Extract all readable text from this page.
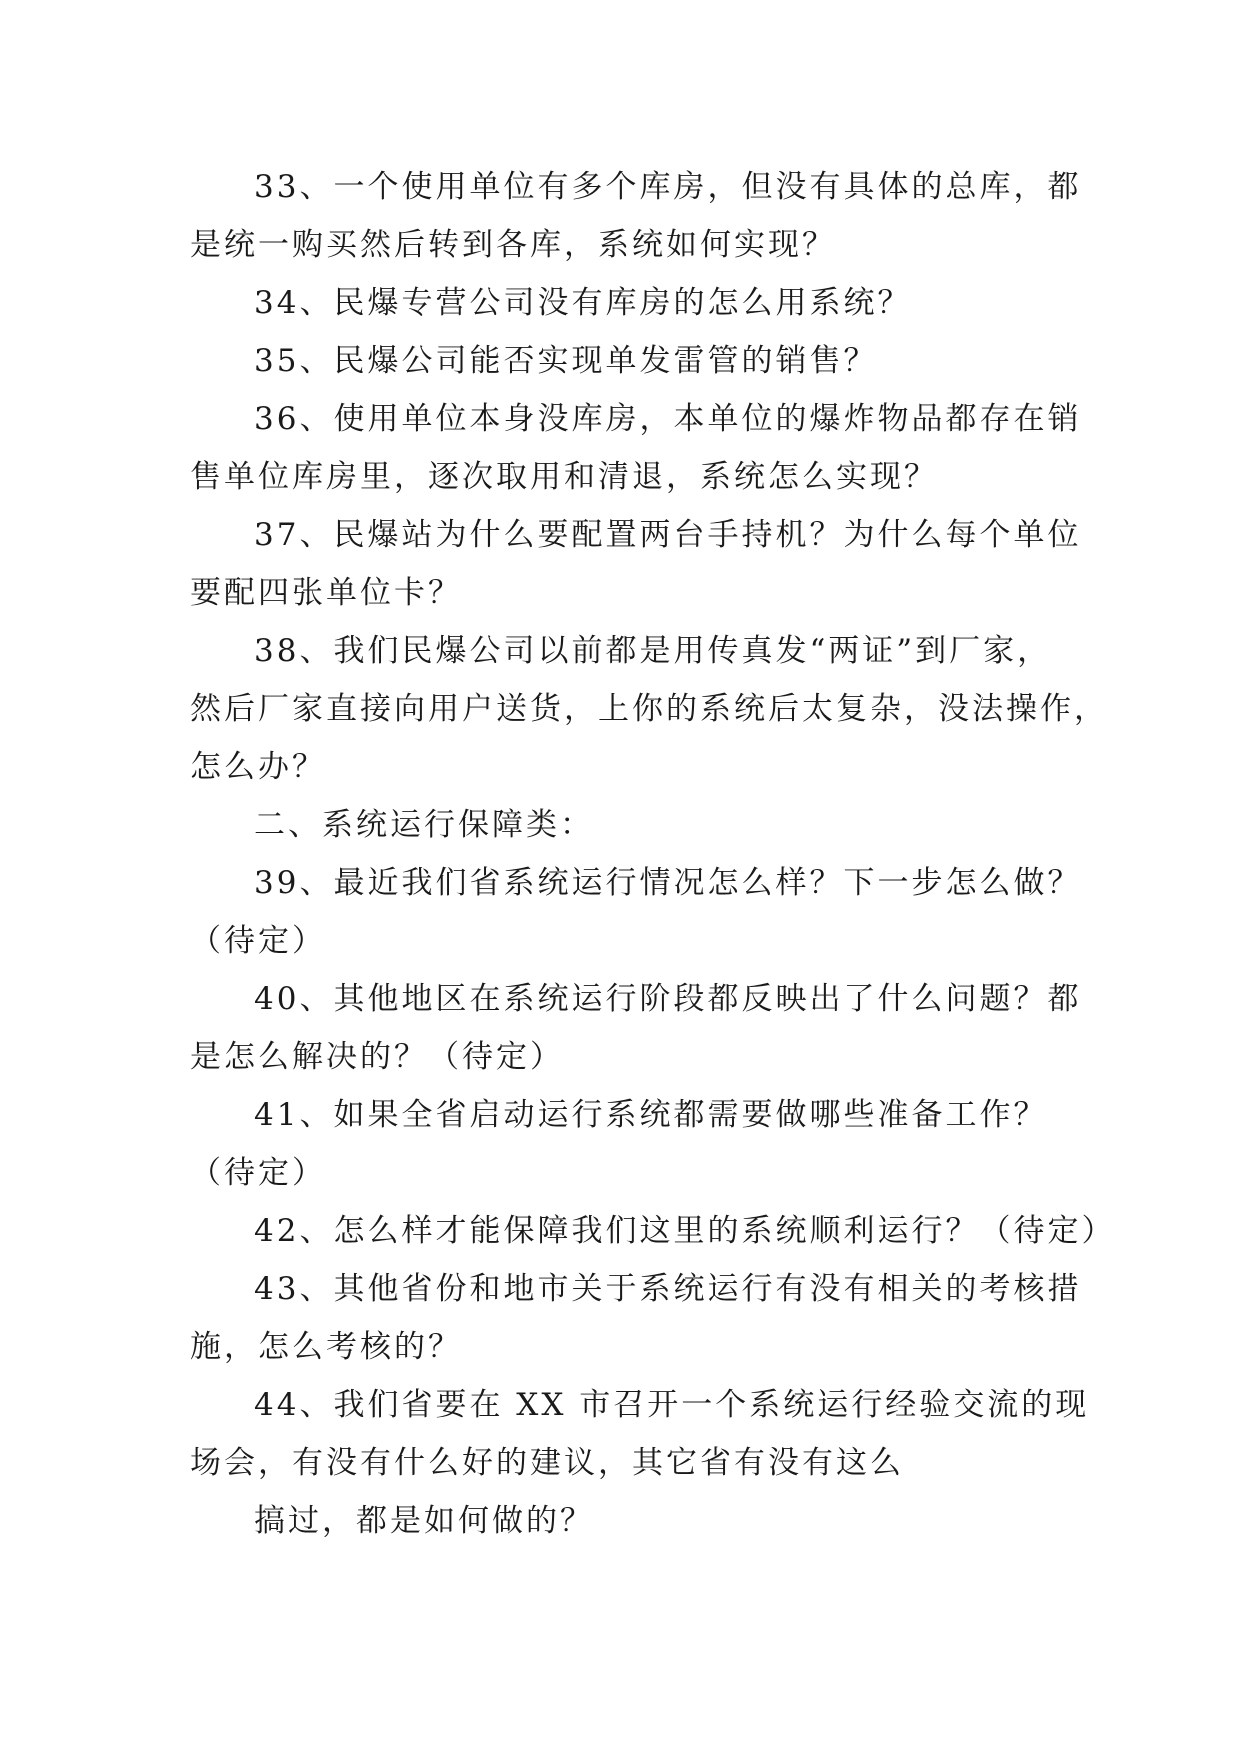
33、一个使用单位有多个库房，但没有具体的总库，都
是统一购买然后转到各库，系统如何实现？
34、民爆专营公司没有库房的怎么用系统？
35、民爆公司能否实现单发雷管的销售？
36、使用单位本身没库房，本单位的爆炸物品都存在销
售单位库房里，逐次取用和清退，系统怎么实现？
37、民爆站为什么要配置两台手持机？为什么每个单位
要配四张单位卡？
38、我们民爆公司以前都是用传真发“两证”到厂家，
然后厂家直接向用户送货，上你的系统后太复杂，没法操作，
怎么办？
二、系统运行保障类：
39、最近我们省系统运行情况怎么样？下一步怎么做？
（待定）
40、其他地区在系统运行阶段都反映出了什么问题？都
是怎么解决的？（待定）
41、如果全省启动运行系统都需要做哪些准备工作？
（待定）
42、怎么样才能保障我们这里的系统顺利运行？（待定）
43、其他省份和地市关于系统运行有没有相关的考核措
施，怎么考核的？
44、我们省要在 XX 市召开一个系统运行经验交流的现
场会，有没有什么好的建议，其它省有没有这么
搞过，都是如何做的？
